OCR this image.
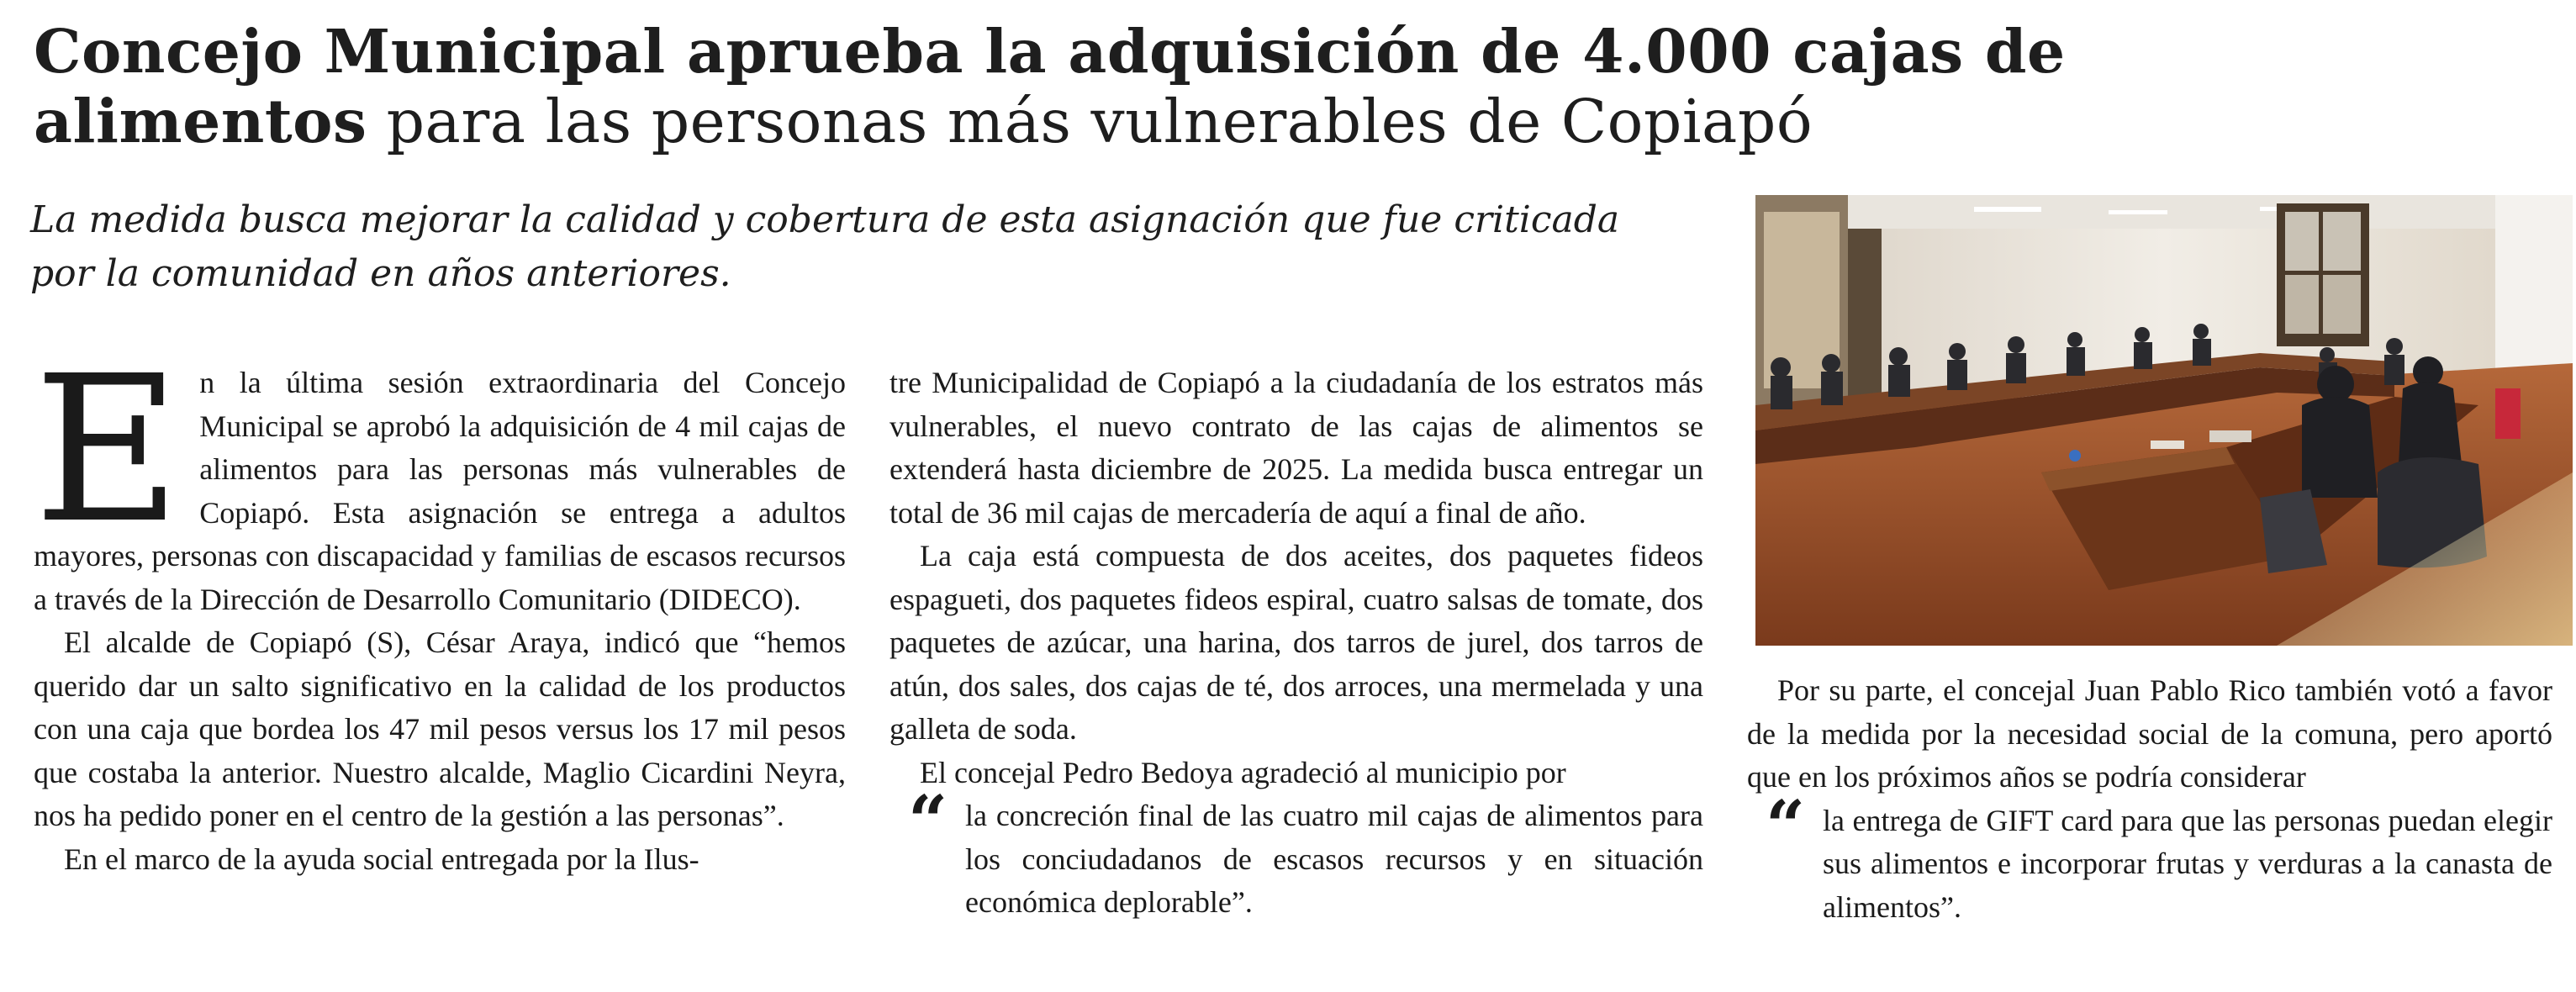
Concejo Municipal aprueba la adquisición de 4.000 cajas de alimentos para las personas más vulnerables de Copiapó

La medida busca mejorar la calidad y cobertura de esta asignación que fue criticada por la comunidad en años anteriores.

En la última sesión extraordinaria del Concejo Municipal se aprobó la adquisición de 4 mil cajas de alimentos para las personas más vulnerables de Copiapó. Esta asignación se entrega a adultos mayores, personas con discapacidad y familias de escasos recursos a través de la Dirección de Desarrollo Comunitario (DIDECO).

El alcalde de Copiapó (S), César Araya, indicó que “hemos querido dar un salto significativo en la calidad de los productos con una caja que bordea los 47 mil pesos versus los 17 mil pesos que costaba la anterior. Nuestro alcalde, Maglio Cicardini Neyra, nos ha pedido poner en el centro de la gestión a las personas”.

En el marco de la ayuda social entregada por la Ilus-

tre Municipalidad de Copiapó a la ciudadanía de los estratos más vulnerables, el nuevo contrato de las cajas de alimentos se extenderá hasta diciembre de 2025. La medida busca entregar un total de 36 mil cajas de mercadería de aquí a final de año.

La caja está compuesta de dos aceites, dos paquetes fideos espagueti, dos paquetes fideos espiral, cuatro salsas de tomate, dos paquetes de azúcar, una harina, dos tarros de jurel, dos tarros de atún, dos sales, dos cajas de té, dos arroces, una mermelada y una galleta de soda.

El concejal Pedro Bedoya agradeció al municipio por

“ la concreción final de las cuatro mil cajas de alimentos para los conciudadanos de escasos recursos y en situación económica deplorable”.

Por su parte, el concejal Juan Pablo Rico también votó a favor de la medida por la necesidad social de la comuna, pero aportó que en los próximos años se podría considerar

“ la entrega de GIFT card para que las personas puedan elegir sus alimentos e incorporar frutas y verduras a la canasta de alimentos”.
